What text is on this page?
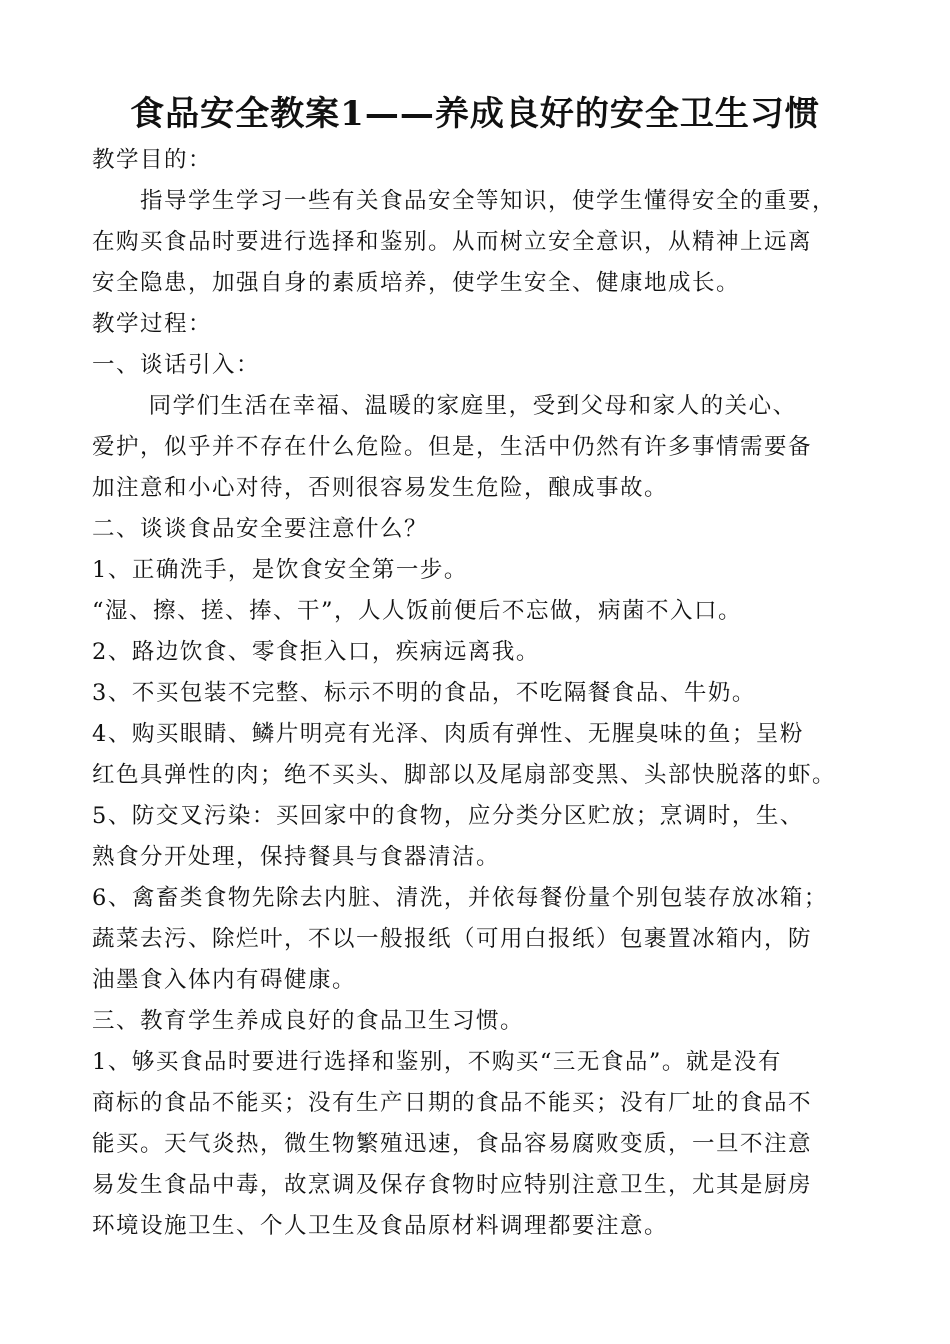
食品安全教案1——养成良好的安全卫生习惯

教学目的：

　　指导学生学习一些有关食品安全等知识，使学生懂得安全的重要，

在购买食品时要进行选择和鉴别。从而树立安全意识，从精神上远离

安全隐患，加强自身的素质培养，使学生安全、健康地成长。

教学过程：

一、谈话引入：

　　 同学们生活在幸福、温暖的家庭里，受到父母和家人的关心、

爱护，似乎并不存在什么危险。但是，生活中仍然有许多事情需要备

加注意和小心对待，否则很容易发生危险，酿成事故。

二、谈谈食品安全要注意什么？

1、正确洗手，是饮食安全第一步。

“湿、擦、搓、捧、干”，人人饭前便后不忘做，病菌不入口。

2、路边饮食、零食拒入口，疾病远离我。

3、不买包装不完整、标示不明的食品，不吃隔餐食品、牛奶。

4、购买眼睛、鳞片明亮有光泽、肉质有弹性、无腥臭味的鱼；呈粉

红色具弹性的肉；绝不买头、脚部以及尾扇部变黑、头部快脱落的虾。

5、防交叉污染：买回家中的食物，应分类分区贮放；烹调时，生、

熟食分开处理，保持餐具与食器清洁。

6、禽畜类食物先除去内脏、清洗，并依每餐份量个别包装存放冰箱；

蔬菜去污、除烂叶，不以一般报纸（可用白报纸）包裹置冰箱内，防

油墨食入体内有碍健康。

三、教育学生养成良好的食品卫生习惯。

1、够买食品时要进行选择和鉴别，不购买“三无食品”。就是没有

商标的食品不能买；没有生产日期的食品不能买；没有厂址的食品不

能买。天气炎热，微生物繁殖迅速，食品容易腐败变质，一旦不注意

易发生食品中毒，故烹调及保存食物时应特别注意卫生，尤其是厨房

环境设施卫生、个人卫生及食品原材料调理都要注意。
